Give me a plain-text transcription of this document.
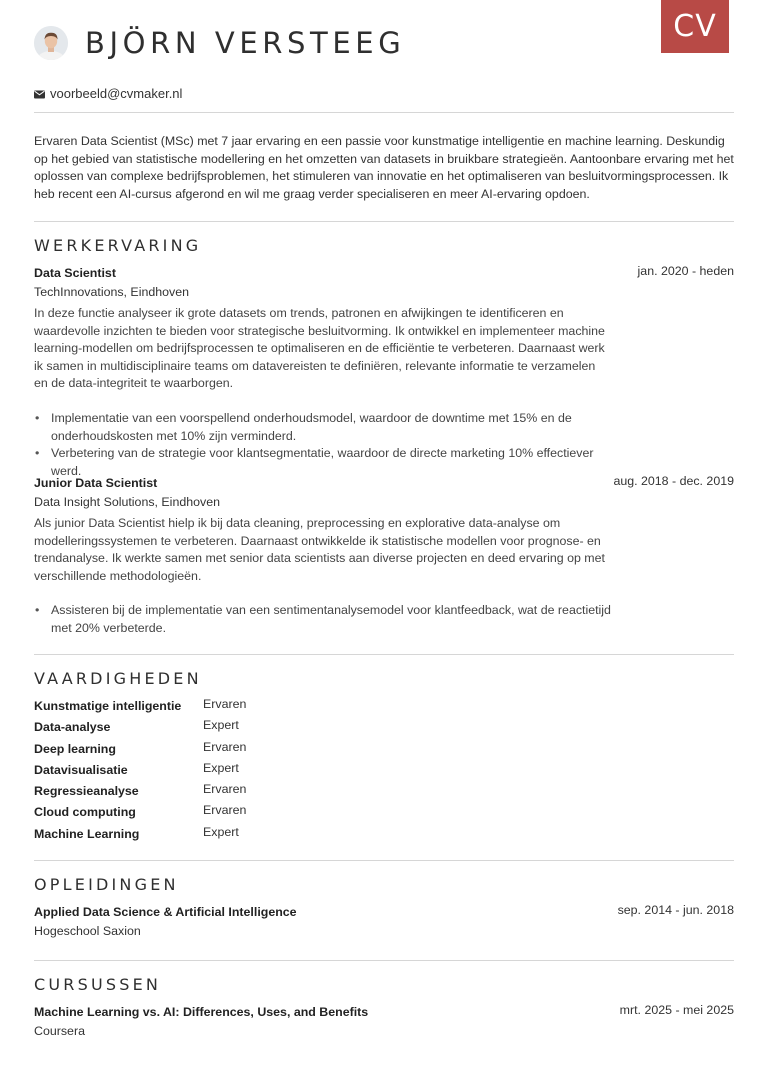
CV
BJÖRN VERSTEEG
voorbeeld@cvmaker.nl

Ervaren Data Scientist (MSc) met 7 jaar ervaring en een passie voor kunstmatige intelligentie en machine learning. Deskundig op het gebied van statistische modellering en het omzetten van datasets in bruikbare strategieën. Aantoonbare ervaring met het oplossen van complexe bedrijfsproblemen, het stimuleren van innovatie en het optimaliseren van besluitvormingsprocessen. Ik heb recent een AI-cursus afgerond en wil me graag verder specialiseren en meer AI-ervaring opdoen.

WERKERVARING
Data Scientist	jan. 2020 - heden
TechInnovations, Eindhoven

In deze functie analyseer ik grote datasets om trends, patronen en afwijkingen te identificeren en waardevolle inzichten te bieden voor strategische besluitvorming. Ik ontwikkel en implementeer machine learning-modellen om bedrijfsprocessen te optimaliseren en de efficiëntie te verbeteren. Daarnaast werk ik samen in multidisciplinaire teams om datavereisten te definiëren, relevante informatie te verzamelen en de data-integriteit te waarborgen.

• Implementatie van een voorspellend onderhoudsmodel, waardoor de downtime met 15% en de onderhoudskosten met 10% zijn verminderd.
• Verbetering van de strategie voor klantsegmentatie, waardoor de directe marketing 10% effectiever werd.
Junior Data Scientist	aug. 2018 - dec. 2019
Data Insight Solutions, Eindhoven

Als junior Data Scientist hielp ik bij data cleaning, preprocessing en explorative data-analyse om modelleringssystemen te verbeteren. Daarnaast ontwikkelde ik statistische modellen voor prognose- en trendanalyse. Ik werkte samen met senior data scientists aan diverse projecten en deed ervaring op met verschillende methodologieën.

• Assisteren bij de implementatie van een sentimentanalysemodel voor klantfeedback, wat de reactietijd met 20% verbeterde.
VAARDIGHEDEN
Kunstmatige intelligentie Ervaren
Data-analyse	Expert
Deep learning	Ervaren
Datavisualisatie	Expert
Regressieanalyse	Ervaren
Cloud computing	Ervaren
Machine Learning	Expert
OPLEIDINGEN
Applied Data Science & Artificial Intelligence	sep. 2014 - jun. 2018
Hogeschool Saxion
CURSUSSEN
Machine Learning vs. AI: Differences, Uses, and Benefits	mrt. 2025 - mei 2025
Coursera
